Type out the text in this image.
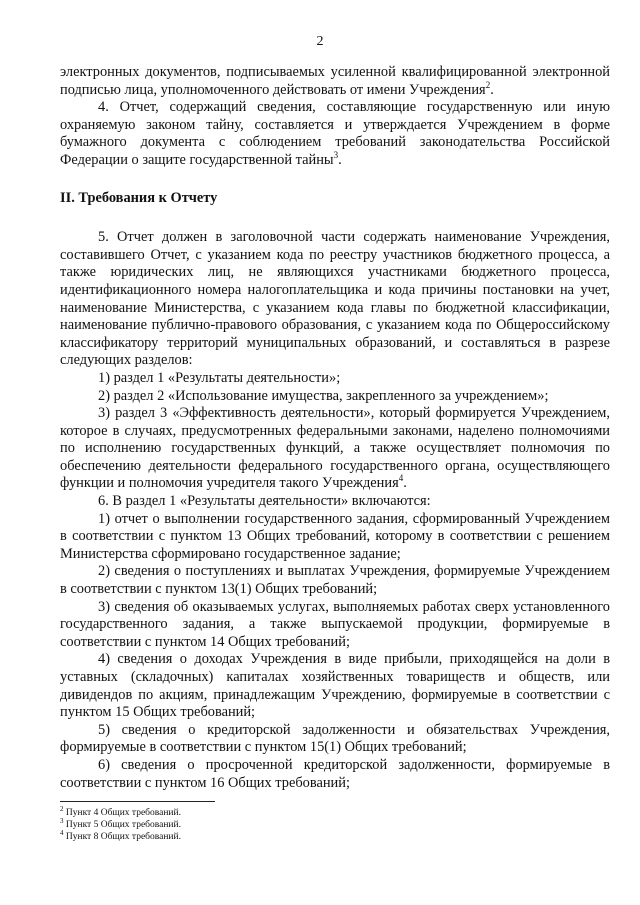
2

электронных документов, подписываемых усиленной квалифицированной электронной подписью лица, уполномоченного действовать от имени Учреждения$^2$.

4. Отчет, содержащий сведения, составляющие государственную или иную охраняемую законом тайну, составляется и утверждается Учреждением в форме бумажного документа с соблюдением требований законодательства Российской Федерации о защите государственной тайны$^3$.

II. Требования к Отчету

5. Отчет должен в заголовочной части содержать наименование Учреждения, составившего Отчет, с указанием кода по реестру участников бюджетного процесса, а также юридических лиц, не являющихся участниками бюджетного процесса, идентификационного номера налогоплательщика и кода причины постановки на учет, наименование Министерства, с указанием кода главы по бюджетной классификации, наименование публично-правового образования, с указанием кода по Общероссийскому классификатору территорий муниципальных образований, и составляться в разрезе следующих разделов:

1) раздел 1 «Результаты деятельности»;

2) раздел 2 «Использование имущества, закрепленного за учреждением»;

3) раздел 3 «Эффективность деятельности», который формируется Учреждением, которое в случаях, предусмотренных федеральными законами, наделено полномочиями по исполнению государственных функций, а также осуществляет полномочия по обеспечению деятельности федерального государственного органа, осуществляющего функции и полномочия учредителя такого Учреждения$^4$.

6. В раздел 1 «Результаты деятельности» включаются:

1) отчет о выполнении государственного задания, сформированный Учреждением в соответствии с пунктом 13 Общих требований, которому в соответствии с решением Министерства сформировано государственное задание;

2) сведения о поступлениях и выплатах Учреждения, формируемые Учреждением в соответствии с пунктом 13(1) Общих требований;

3) сведения об оказываемых услугах, выполняемых работах сверх установленного государственного задания, а также выпускаемой продукции, формируемые в соответствии с пунктом 14 Общих требований;

4) сведения о доходах Учреждения в виде прибыли, приходящейся на доли в уставных (складочных) капиталах хозяйственных товариществ и обществ, или дивидендов по акциям, принадлежащим Учреждению, формируемые в соответствии с пунктом 15 Общих требований;

5) сведения о кредиторской задолженности и обязательствах Учреждения, формируемые в соответствии с пунктом 15(1) Общих требований;

6) сведения о просроченной кредиторской задолженности, формируемые в соответствии с пунктом 16 Общих требований;

$^2$ Пункт 4 Общих требований.
$^3$ Пункт 5 Общих требований.
$^4$ Пункт 8 Общих требований.
